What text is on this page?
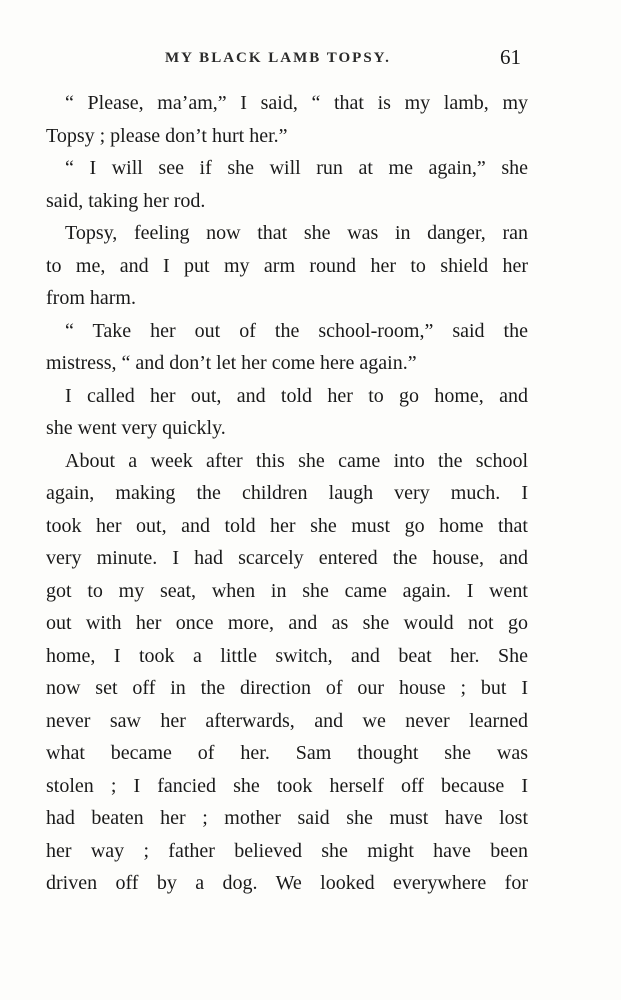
MY BLACK LAMB TOPSY.	61

“ Please, ma’am,” I said, “ that is my lamb, my
Topsy ; please don’t hurt her.”

“ I will see if she will run at me again,” she
said, taking her rod.

Topsy, feeling now that she was in danger, ran
to me, and I put my arm round her to shield her
from harm.

“ Take her out of the school-room,” said the
mistress, “ and don’t let her come here again.”

I called her out, and told her to go home, and
she went very quickly.

About a week after this she came into the school
again, making the children laugh very much. I
took her out, and told her she must go home that
very minute. I had scarcely entered the house, and
got to my seat, when in she came again. I went
out with her once more, and as she would not go
home, I took a little switch, and beat her. She
now set off in the direction of our house ; but I
never saw her afterwards, and we never learned
what became of her. Sam thought she was
stolen ; I fancied she took herself off because I
had beaten her ; mother said she must have lost
her way ; father believed she might have been
driven off by a dog. We looked everywhere for
